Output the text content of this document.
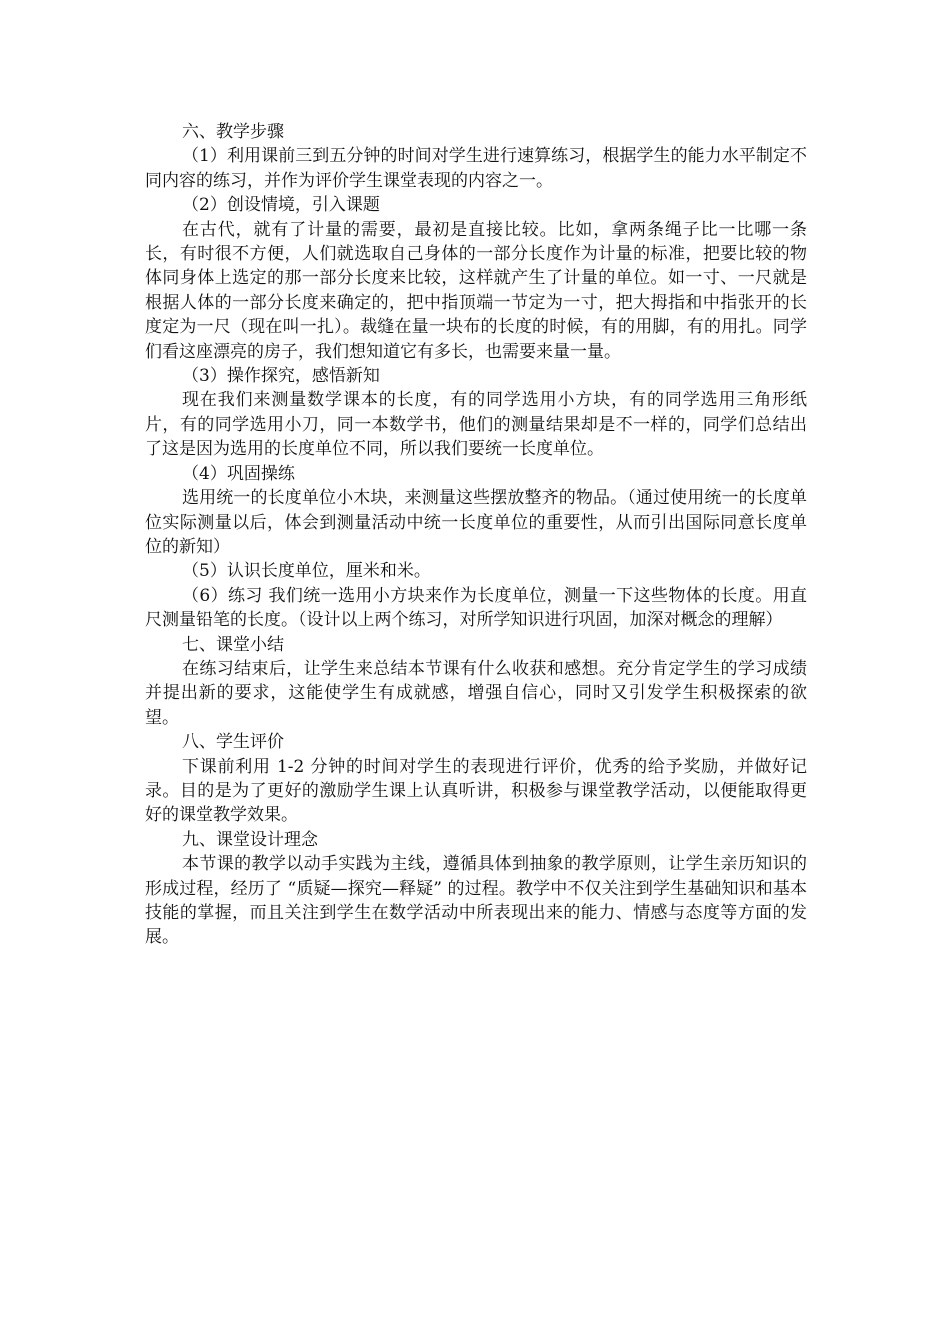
六、教学步骤

（1）利用课前三到五分钟的时间对学生进行速算练习，根据学生的能力水平制定不同内容的练习，并作为评价学生课堂表现的内容之一。

（2）创设情境，引入课题

在古代，就有了计量的需要，最初是直接比较。比如，拿两条绳子比一比哪一条长，有时很不方便，人们就选取自己身体的一部分长度作为计量的标准，把要比较的物体同身体上选定的那一部分长度来比较，这样就产生了计量的单位。如一寸、一尺就是根据人体的一部分长度来确定的，把中指顶端一节定为一寸，把大拇指和中指张开的长度定为一尺（现在叫一扎）。裁缝在量一块布的长度的时候，有的用脚，有的用扎。同学们看这座漂亮的房子，我们想知道它有多长，也需要来量一量。

（3）操作探究，感悟新知

现在我们来测量数学课本的长度，有的同学选用小方块，有的同学选用三角形纸片，有的同学选用小刀，同一本数学书，他们的测量结果却是不一样的，同学们总结出了这是因为选用的长度单位不同，所以我们要统一长度单位。

（4）巩固操练

选用统一的长度单位小木块，来测量这些摆放整齐的物品。（通过使用统一的长度单位实际测量以后，体会到测量活动中统一长度单位的重要性，从而引出国际同意长度单位的新知）

（5）认识长度单位，厘米和米。

（6）练习 我们统一选用小方块来作为长度单位，测量一下这些物体的长度。用直尺测量铅笔的长度。（设计以上两个练习，对所学知识进行巩固，加深对概念的理解）

七、课堂小结

在练习结束后，让学生来总结本节课有什么收获和感想。充分肯定学生的学习成绩并提出新的要求，这能使学生有成就感，增强自信心，同时又引发学生积极探索的欲望。

八、学生评价

下课前利用 1-2 分钟的时间对学生的表现进行评价，优秀的给予奖励，并做好记录。目的是为了更好的激励学生课上认真听讲，积极参与课堂教学活动，以便能取得更好的课堂教学效果。

九、课堂设计理念

本节课的教学以动手实践为主线，遵循具体到抽象的教学原则，让学生亲历知识的形成过程，经历了 “质疑—探究—释疑” 的过程。教学中不仅关注到学生基础知识和基本技能的掌握，而且关注到学生在数学活动中所表现出来的能力、情感与态度等方面的发展。
